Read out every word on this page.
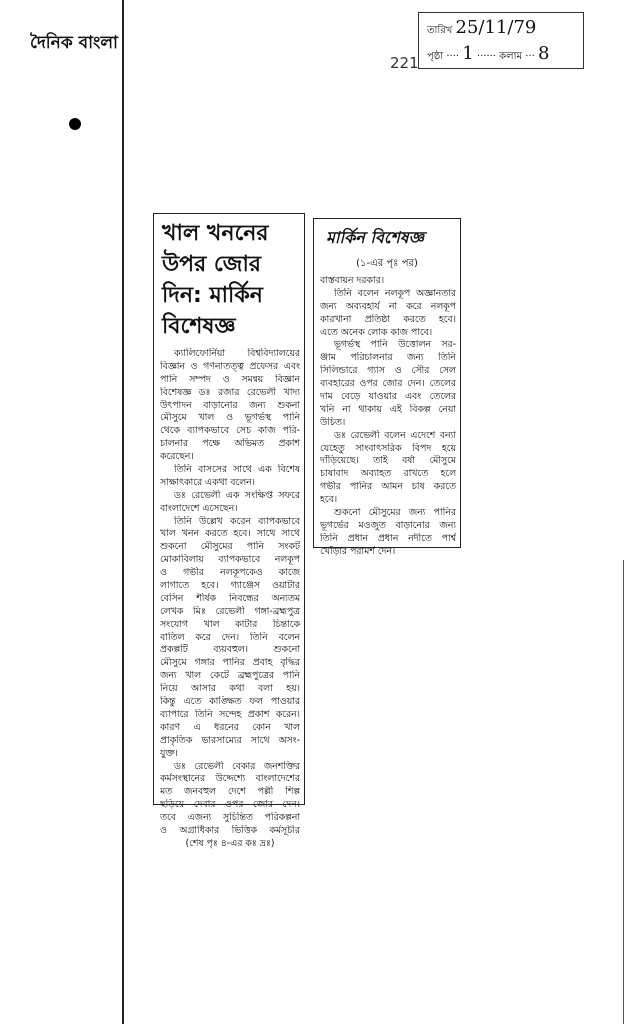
দৈনিক বাংলা
221
তারিখ 25/11/79
পৃষ্ঠা ···· 1 ······ কলাম ··· 8
খাল খননের
উপর জোর
দিন: মার্কিন
বিশেষজ্ঞ
ক্যালিফোর্নিয়া বিশ্ববিদ্যালয়ের
বিজ্ঞান ও গণনাতত্ত্ব প্রফেসর এবং
পানি সম্পদ ও সমন্বয় বিজ্ঞান
বিশেষজ্ঞ ডঃ রজার রেভেলী খাদ্য
উৎপাদন বাড়ানোর জন্য শুকনা
মৌসুমে খাল ও ভূগর্ভস্থ পানি
থেকে ব্যাপকভাবে সেচ কাজ পরি-
চালনার পক্ষে অভিমত প্রকাশ
করেছেন।
তিনি বাসসের সাথে এক বিশেষ
সাক্ষাৎকারে একথা বলেন।
ডঃ রেভেলী এক সংক্ষিপ্ত সফরে
বাংলাদেশে এসেছেন।
তিনি উল্লেখ করেন ব্যাপকভাবে
খাল খনন করতে হবে। সাথে সাথে
শুকনো মৌসুমের পানি সংকট
মোকাবিলায় ব্যাপকভাবে নলকূপ
ও গভীর নলকূপকেও কাজে
লাগাতে হবে। গ্যাঞ্জেস ওয়াটার
বেসিন শীর্ষক নিবন্ধের অন্যতম
লেখক মিঃ রেভেলী গঙ্গা-ব্রহ্মপুত্র
সংযোগ খাল কাটার চিন্তাকে
বাতিল করে দেন। তিনি বলেন
প্রকল্পটি ব্যয়বহুল। শুকনো
মৌসুমে গঙ্গার পানির প্রবাহ বৃদ্ধির
জন্য খাল কেটে ব্রহ্মপুত্রের পানি
নিয়ে আসার কথা বলা হয়।
কিন্তু এতে কাঙ্ক্ষিত ফল পাওয়ার
ব্যাপারে তিনি সন্দেহ প্রকাশ করেন।
কারণ এ ধরনের কোন খাল
প্রাকৃতিক ভারসাম্যের সাথে অসং-
যুক্ত।
ডঃ রেভেলী বেকার জনশক্তির
কর্মসংস্থানের উদ্দেশ্যে বাংলাদেশের
মত জনবহুল দেশে পল্লী শিল্প
ছড়িয়ে দেবার ওপর জোর দেন।
তবে এজন্য সুচিন্তিত পরিকল্পনা
ও অগ্রাধিকার ভিত্তিক কর্মসূচীর
(শেষ পৃঃ ৪-এর কঃ দ্রঃ)
মার্কিন বিশেষজ্ঞ
(১-এর পৃঃ পর)
বাস্তবায়ন দরকার।
তিনি বলেন নলকূপ অজ্ঞানতার
জন্য অব্যবহার্য না করে নলকূপ
কারখানা প্রতিষ্ঠা করতে হবে।
এতে অনেক লোক কাজ পাবে।
ভূগর্ভস্থ পানি উত্তোলন সর-
ঞ্জাম পরিচালনার জন্য তিনি
সিলিন্ডারে গ্যাস ও সৌর সেল
ব্যবহারের ওপর জোর দেন। তেলের
দাম বেড়ে যাওয়ার এবং তেলের
খনি না থাকায় এই বিকল্প নেয়া
উচিত।
ডঃ রেভেলী বলেন এদেশে বন্যা
যেহেতু সাংবাৎসরিক বিপদ হয়ে
দাঁড়িয়েছে। তাই বর্ষা মৌসুমে
চাষাবাদ অব্যাহত রাখতে হলে
গভীর পানির আমন চাষ করতে
হবে।
শুকনো মৌসুমের জন্য পানির
ভূগর্ভের মওজুত বাড়ানোর জন্য
তিনি প্রধান প্রধান নদীতে পার্শ্ব
খোঁড়ার পরামর্শ দেন।
